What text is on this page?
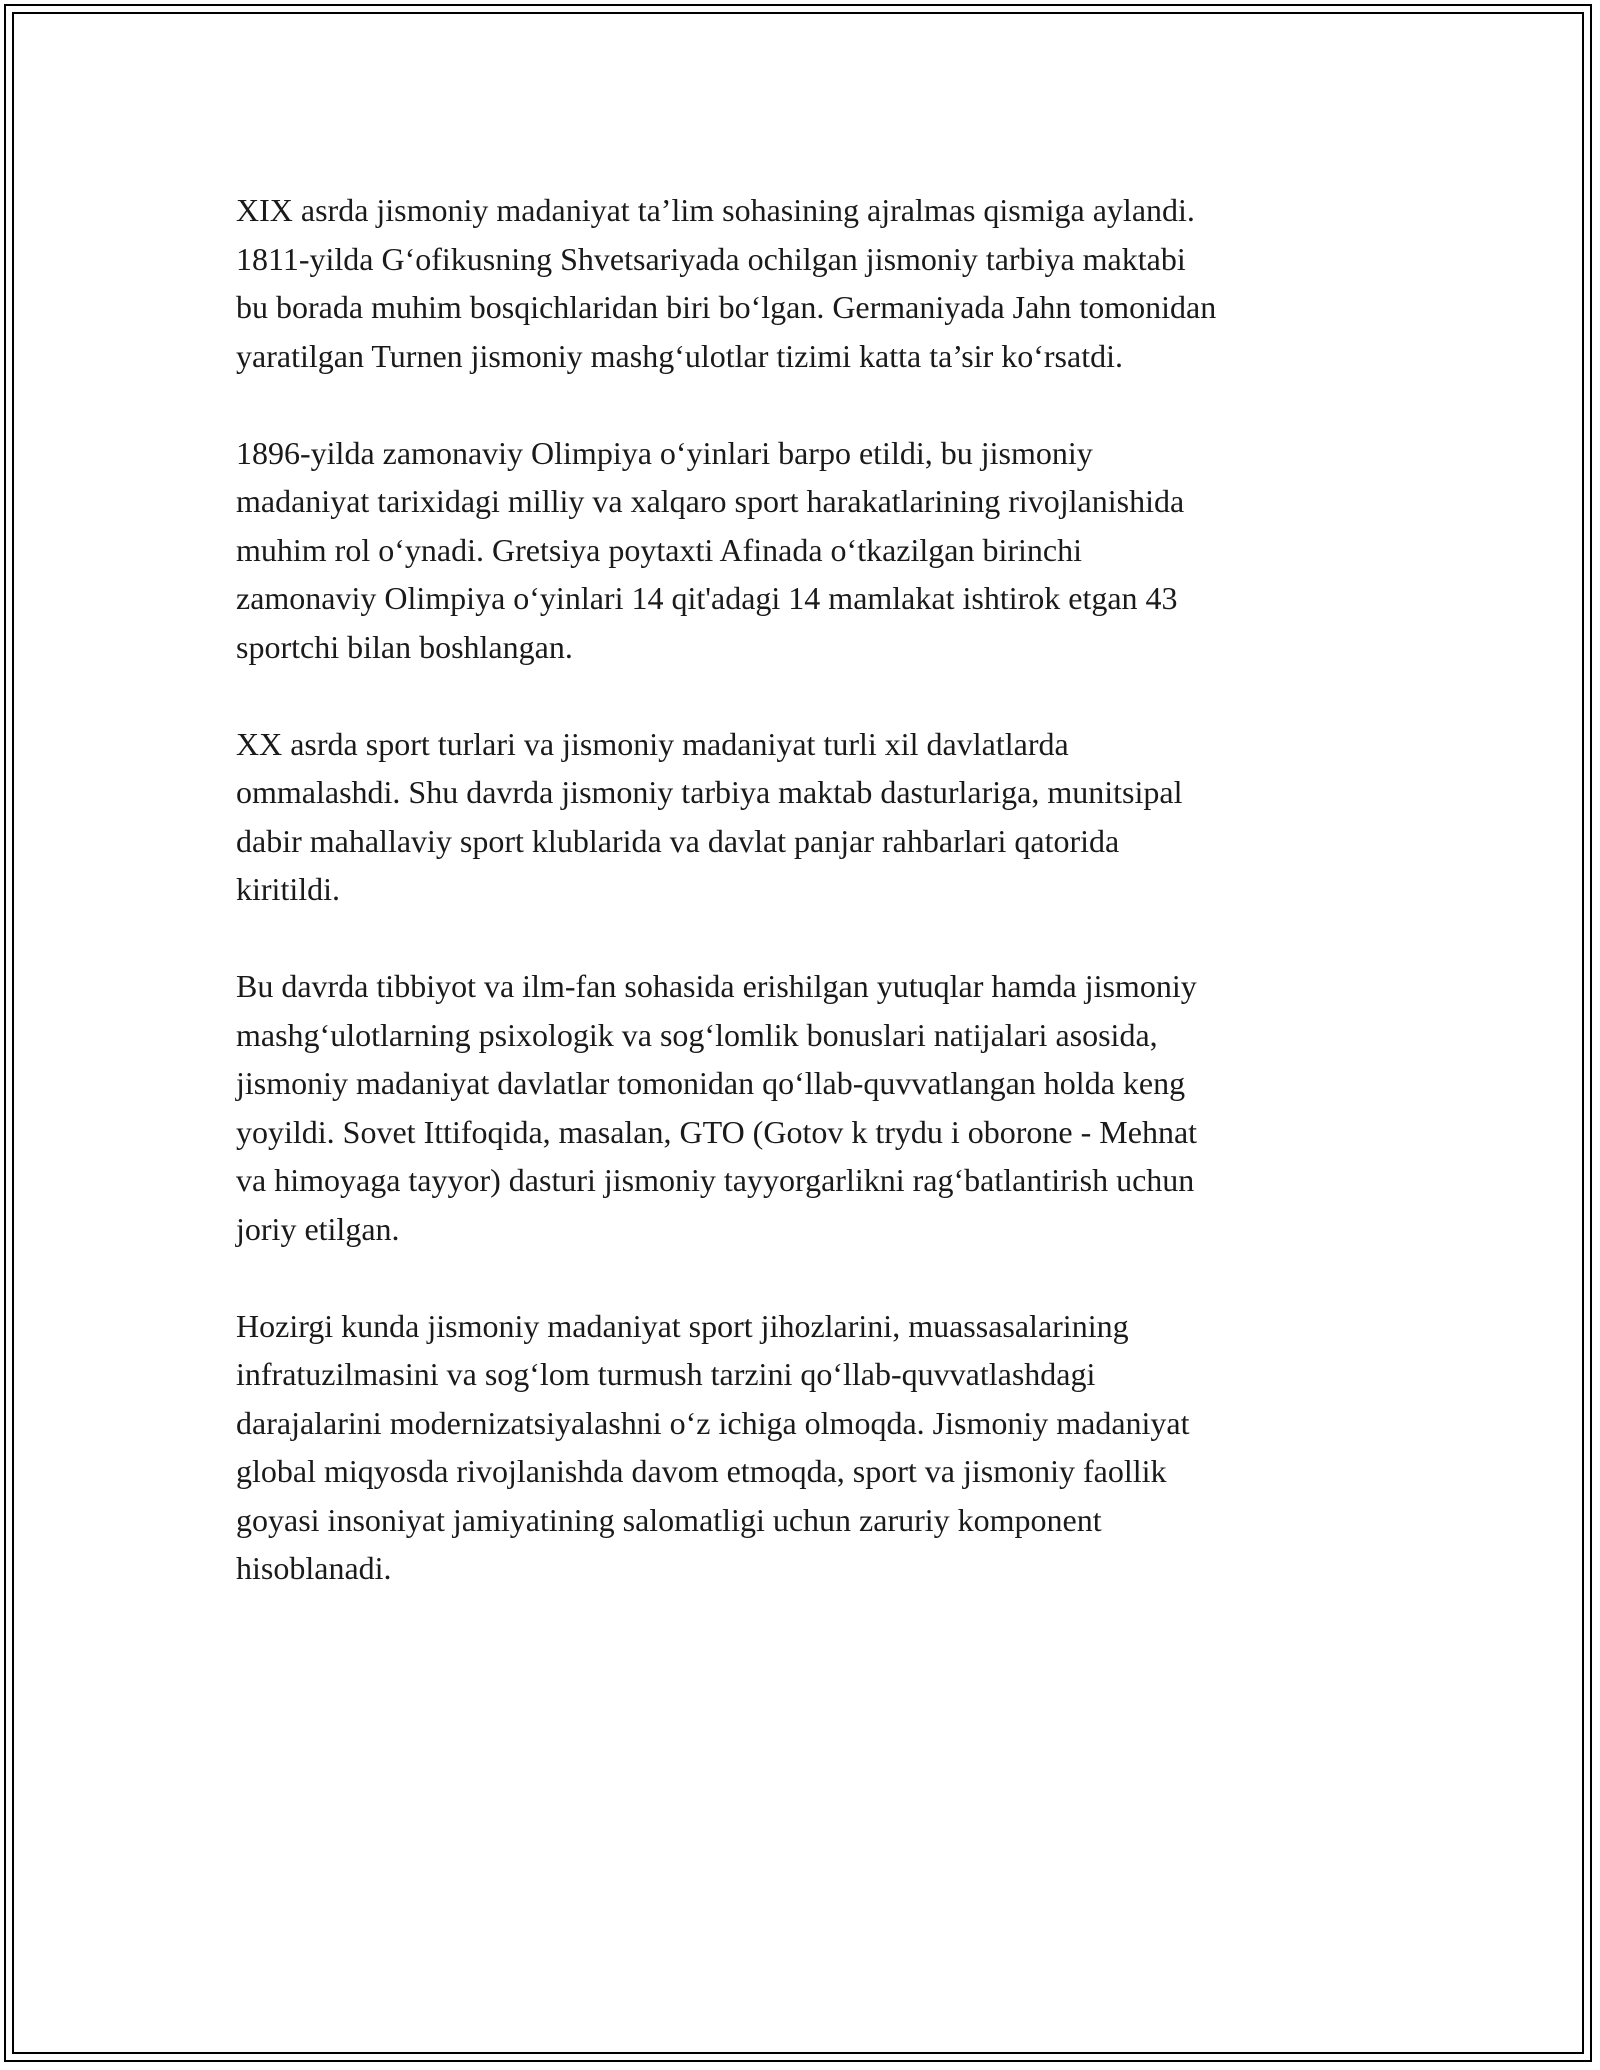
XIX asrda jismoniy madaniyat ta’lim sohasining ajralmas qismiga aylandi.
1811-yilda G‘ofikusning Shvetsariyada ochilgan jismoniy tarbiya maktabi
bu borada muhim bosqichlaridan biri bo‘lgan. Germaniyada Jahn tomonidan
yaratilgan Turnen jismoniy mashg‘ulotlar tizimi katta ta’sir ko‘rsatdi.

1896-yilda zamonaviy Olimpiya o‘yinlari barpo etildi, bu jismoniy
madaniyat tarixidagi milliy va xalqaro sport harakatlarining rivojlanishida
muhim rol o‘ynadi. Gretsiya poytaxti Afinada o‘tkazilgan birinchi
zamonaviy Olimpiya o‘yinlari 14 qit'adagi 14 mamlakat ishtirok etgan 43
sportchi bilan boshlangan.

XX asrda sport turlari va jismoniy madaniyat turli xil davlatlarda
ommalashdi. Shu davrda jismoniy tarbiya maktab dasturlariga, munitsipal
dabir mahallaviy sport klublarida va davlat panjar rahbarlari qatorida
kiritildi.

Bu davrda tibbiyot va ilm-fan sohasida erishilgan yutuqlar hamda jismoniy
mashg‘ulotlarning psixologik va sog‘lomlik bonuslari natijalari asosida,
jismoniy madaniyat davlatlar tomonidan qo‘llab-quvvatlangan holda keng
yoyildi. Sovet Ittifoqida, masalan, GTO (Gotov k trydu i oborone - Mehnat
va himoyaga tayyor) dasturi jismoniy tayyorgarlikni rag‘batlantirish uchun
joriy etilgan.

Hozirgi kunda jismoniy madaniyat sport jihozlarini, muassasalarining
infratuzilmasini va sog‘lom turmush tarzini qo‘llab-quvvatlashdagi
darajalarini modernizatsiyalashni o‘z ichiga olmoqda. Jismoniy madaniyat
global miqyosda rivojlanishda davom etmoqda, sport va jismoniy faollik
goyasi insoniyat jamiyatining salomatligi uchun zaruriy komponent
hisoblanadi.
